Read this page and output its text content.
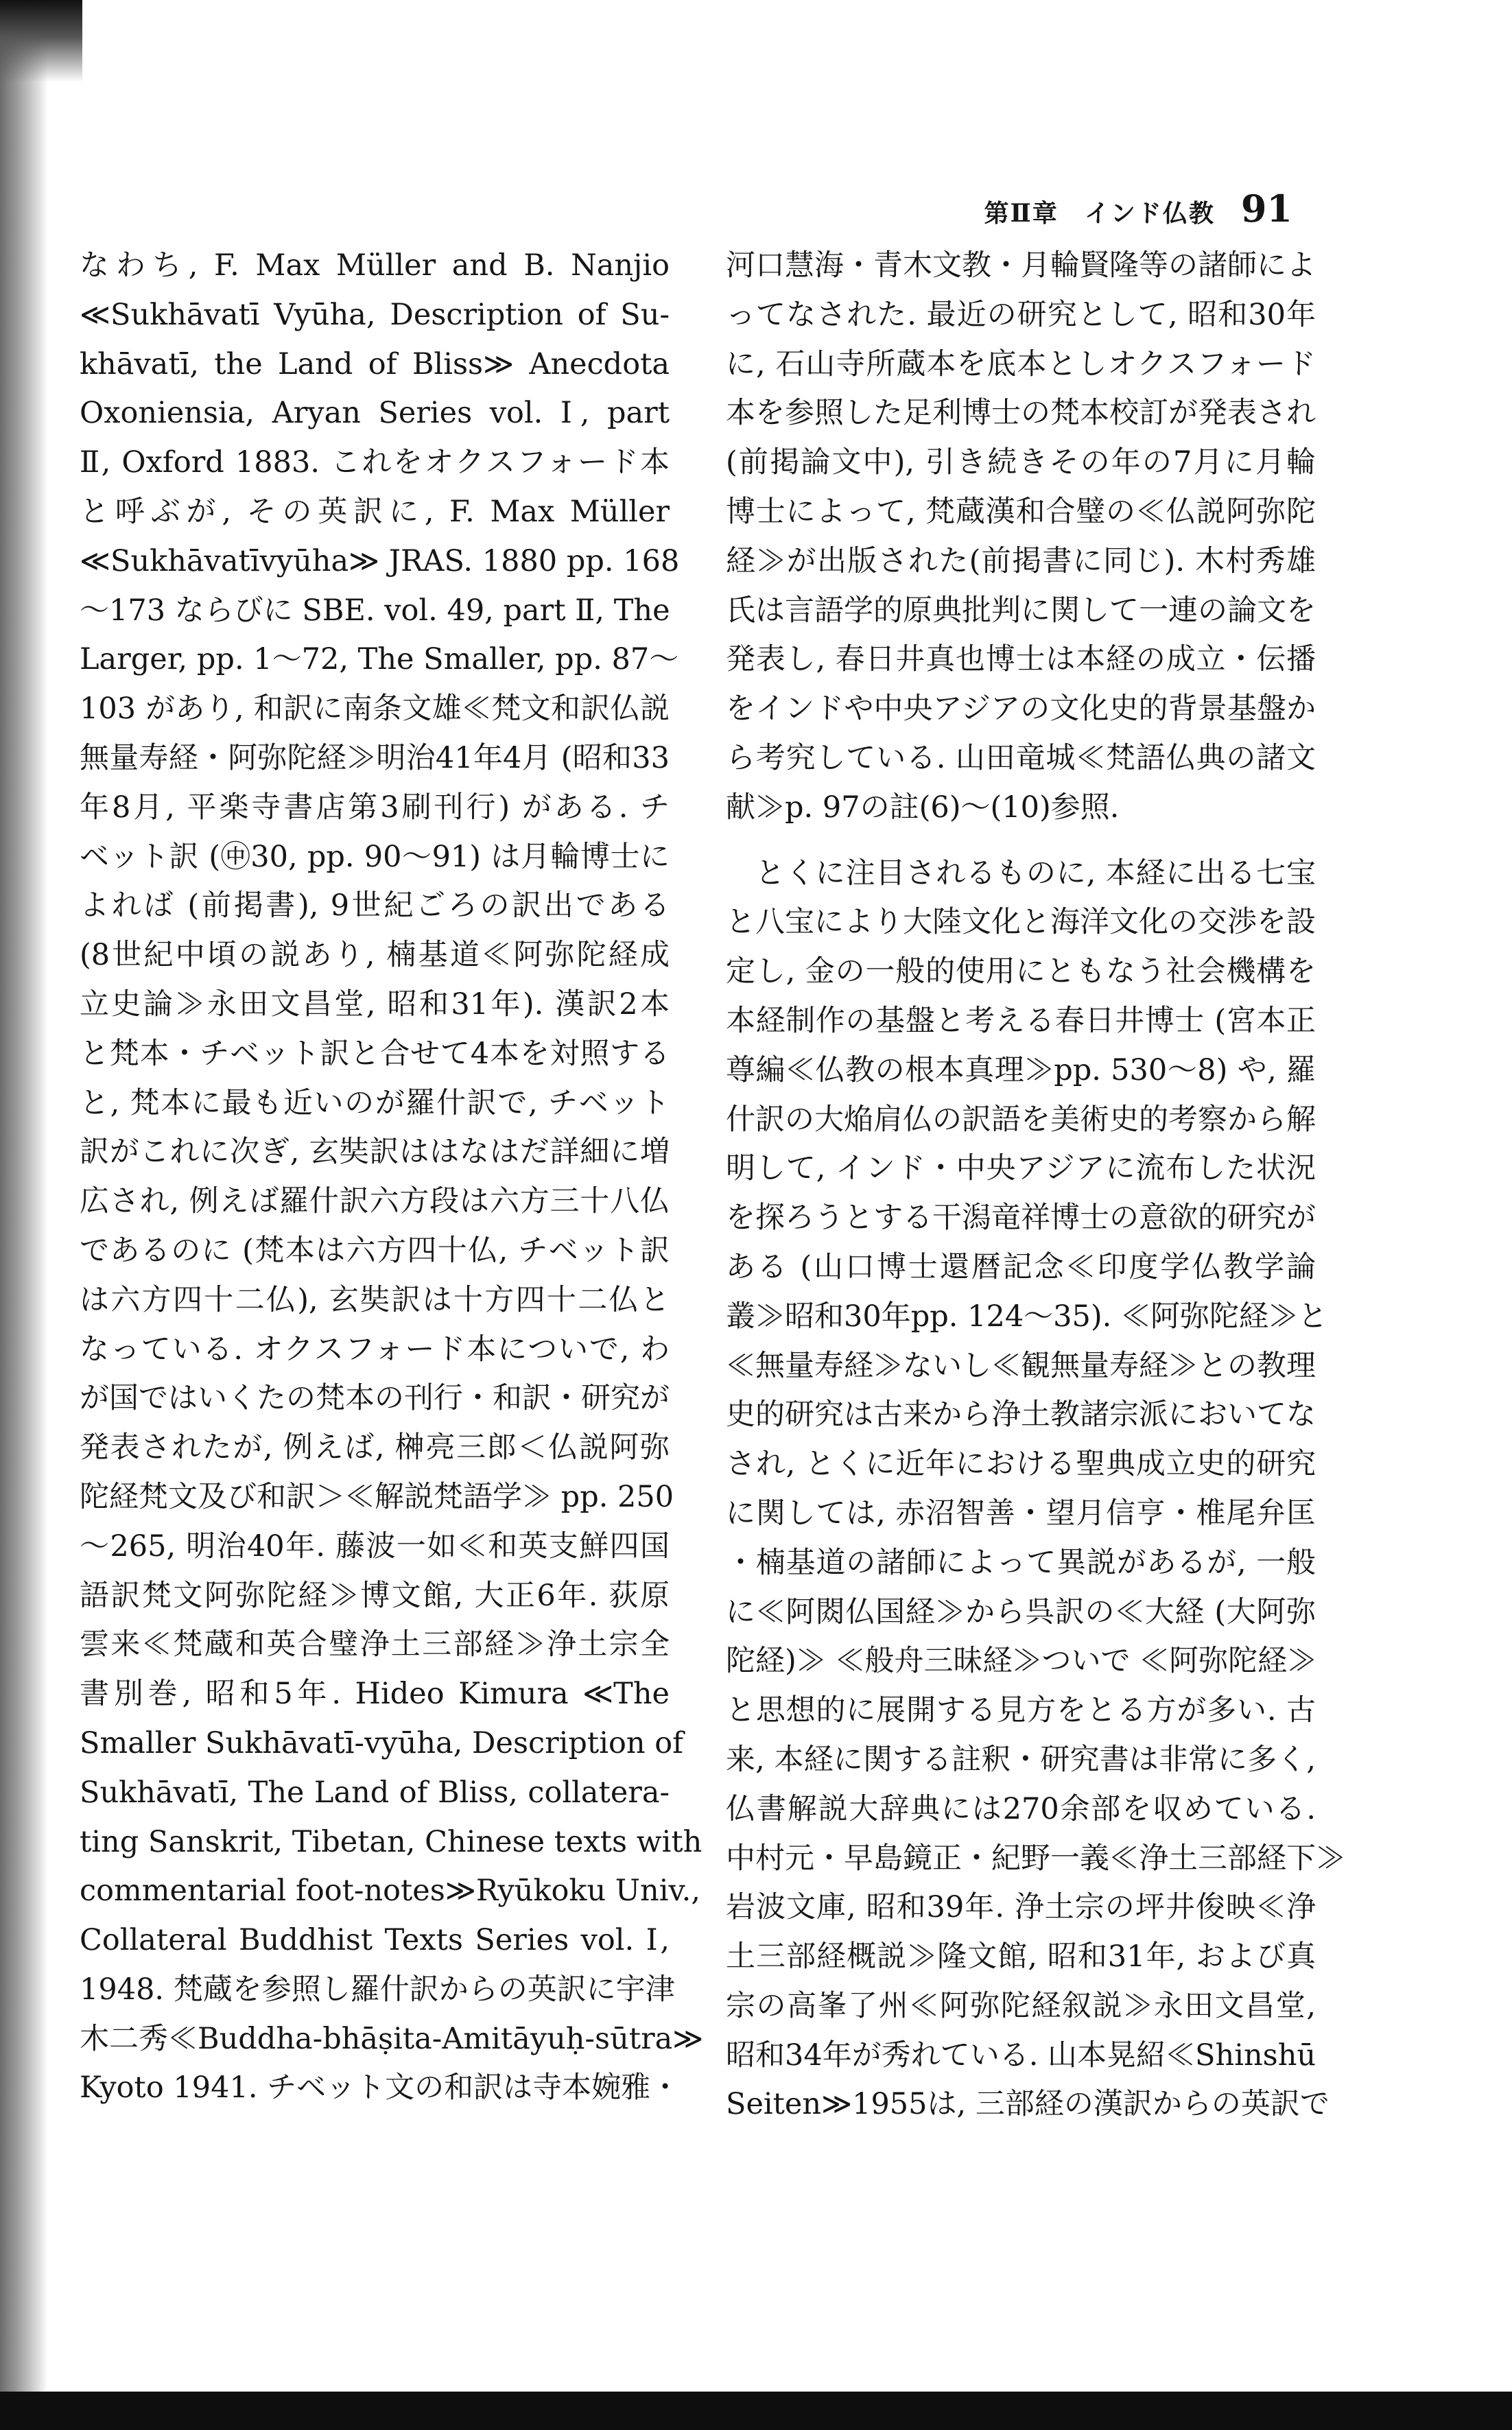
第Ⅱ章　インド仏教 91
なわち, F. Max Müller and B. Nanjio
≪Sukhāvatī Vyūha, Description of Su-
khāvatī, the Land of Bliss≫ Anecdota
Oxoniensia, Aryan Series vol. Ⅰ, part
Ⅱ, Oxford 1883. これをオクスフォード本
と呼ぶが, その英訳に, F. Max Müller
≪Sukhāvatīvyūha≫ JRAS. 1880 pp. 168
～173 ならびに SBE. vol. 49, part Ⅱ, The
Larger, pp. 1～72, The Smaller, pp. 87～
103 があり, 和訳に南条文雄≪梵文和訳仏説
無量寿経・阿弥陀経≫明治41年4月 (昭和33
年8月, 平楽寺書店第3刷刊行) がある. チ
ベット訳 (㊥30, pp. 90～91) は月輪博士に
よれば (前掲書), 9世紀ごろの訳出である
(8世紀中頃の説あり, 楠基道≪阿弥陀経成
立史論≫永田文昌堂, 昭和31年). 漢訳2本
と梵本・チベット訳と合せて4本を対照する
と, 梵本に最も近いのが羅什訳で, チベット
訳がこれに次ぎ, 玄奘訳ははなはだ詳細に増
広され, 例えば羅什訳六方段は六方三十八仏
であるのに (梵本は六方四十仏, チベット訳
は六方四十二仏), 玄奘訳は十方四十二仏と
なっている. オクスフォード本についで, わ
が国ではいくたの梵本の刊行・和訳・研究が
発表されたが, 例えば, 榊亮三郎＜仏説阿弥
陀経梵文及び和訳＞≪解説梵語学≫ pp. 250
～265, 明治40年. 藤波一如≪和英支鮮四国
語訳梵文阿弥陀経≫博文館, 大正6年. 荻原
雲来≪梵蔵和英合璧浄土三部経≫浄土宗全
書別巻, 昭和5年. Hideo Kimura ≪The
Smaller Sukhāvatī-vyūha, Description of
Sukhāvatī, The Land of Bliss, collatera-
ting Sanskrit, Tibetan, Chinese texts with
commentarial foot-notes≫Ryūkoku Univ.,
Collateral Buddhist Texts Series vol. Ⅰ,
1948. 梵蔵を参照し羅什訳からの英訳に宇津
木二秀≪Buddha-bhāṣita-Amitāyuḥ-sūtra≫
Kyoto 1941. チベット文の和訳は寺本婉雅・
河口慧海・青木文教・月輪賢隆等の諸師によ
ってなされた. 最近の研究として, 昭和30年
に, 石山寺所蔵本を底本としオクスフォード
本を参照した足利博士の梵本校訂が発表され
(前掲論文中), 引き続きその年の7月に月輪
博士によって, 梵蔵漢和合璧の≪仏説阿弥陀
経≫が出版された(前掲書に同じ). 木村秀雄
氏は言語学的原典批判に関して一連の論文を
発表し, 春日井真也博士は本経の成立・伝播
をインドや中央アジアの文化史的背景基盤か
ら考究している. 山田竜城≪梵語仏典の諸文
献≫p. 97の註(6)～(10)参照.
とくに注目されるものに, 本経に出る七宝
と八宝により大陸文化と海洋文化の交渉を設
定し, 金の一般的使用にともなう社会機構を
本経制作の基盤と考える春日井博士 (宮本正
尊編≪仏教の根本真理≫pp. 530～8) や, 羅
什訳の大焔肩仏の訳語を美術史的考察から解
明して, インド・中央アジアに流布した状況
を探ろうとする干潟竜祥博士の意欲的研究が
ある (山口博士還暦記念≪印度学仏教学論
叢≫昭和30年pp. 124～35). ≪阿弥陀経≫と
≪無量寿経≫ないし≪観無量寿経≫との教理
史的研究は古来から浄土教諸宗派においてな
され, とくに近年における聖典成立史的研究
に関しては, 赤沼智善・望月信亨・椎尾弁匡
・楠基道の諸師によって異説があるが, 一般
に≪阿閦仏国経≫から呉訳の≪大経 (大阿弥
陀経)≫ ≪般舟三昧経≫ついで ≪阿弥陀経≫
と思想的に展開する見方をとる方が多い. 古
来, 本経に関する註釈・研究書は非常に多く,
仏書解説大辞典には270余部を収めている.
中村元・早島鏡正・紀野一義≪浄土三部経下≫
岩波文庫, 昭和39年. 浄土宗の坪井俊映≪浄
土三部経概説≫隆文館, 昭和31年, および真
宗の高峯了州≪阿弥陀経叙説≫永田文昌堂,
昭和34年が秀れている. 山本晃紹≪Shinshū
Seiten≫1955は, 三部経の漢訳からの英訳で
